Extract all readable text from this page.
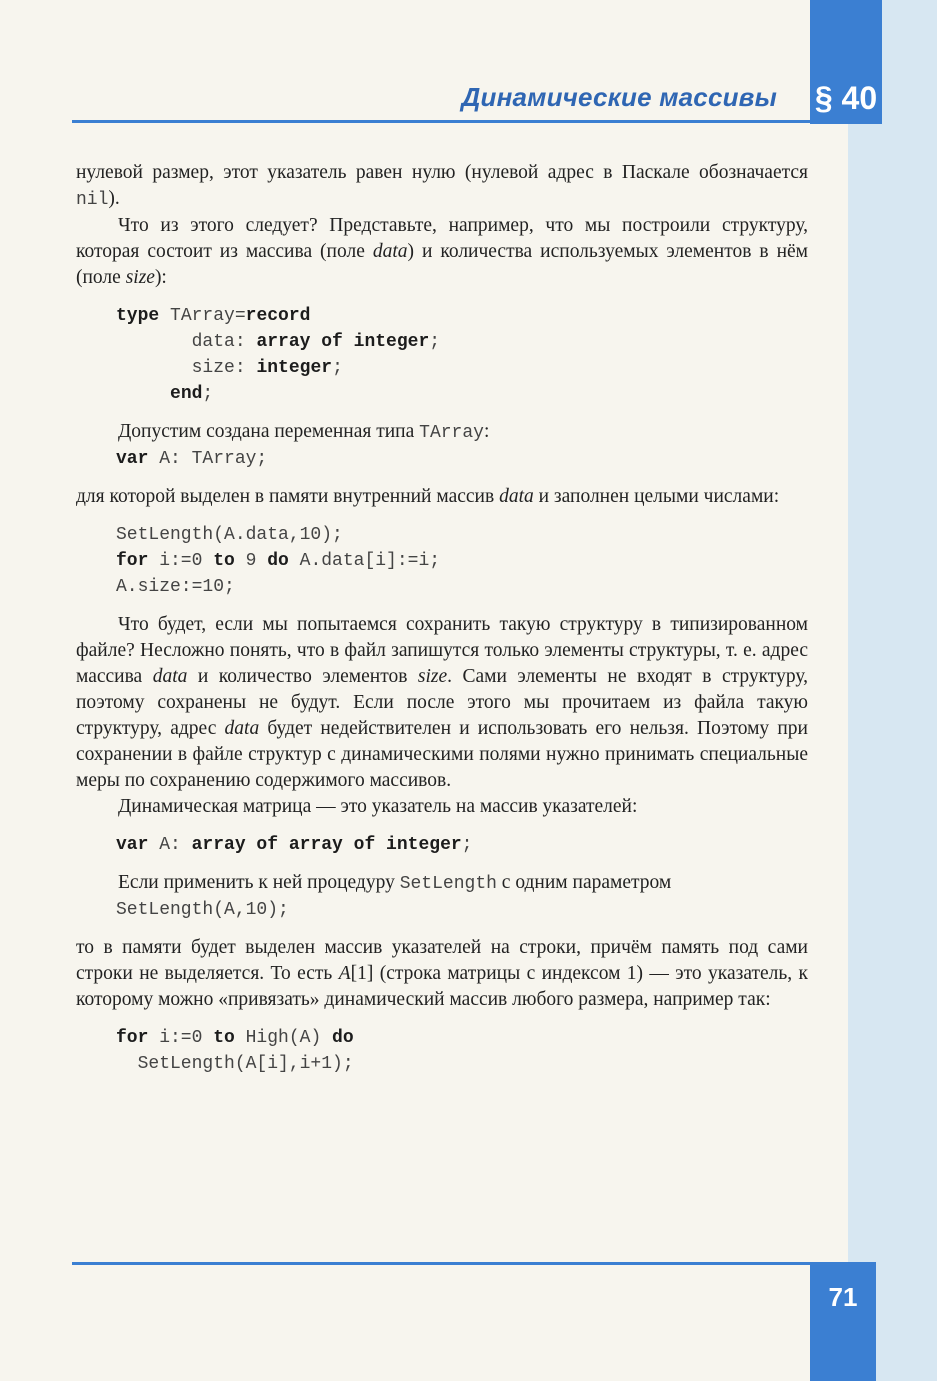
Динамические массивы § 40

нулевой размер, этот указатель равен нулю (нулевой адрес в Паскале обозначается nil).

Что из этого следует? Представьте, например, что мы построили структуру, которая состоит из массива (поле data) и количества используемых элементов в нём (поле size):

type TArray=record
data: array of integer;
size: integer;
end;

Допустим создана переменная типа TArray:

var A: TArray;

для которой выделен в памяти внутренний массив data и заполнен целыми числами:

SetLength(A.data,10);
for i:=0 to 9 do A.data[i]:=i;
A.size:=10;

Что будет, если мы попытаемся сохранить такую структуру в типизированном файле? Несложно понять, что в файл запишутся только элементы структуры, т. е. адрес массива data и количество элементов size. Сами элементы не входят в структуру, поэтому сохранены не будут. Если после этого мы прочитаем из файла такую структуру, адрес data будет недействителен и использовать его нельзя. Поэтому при сохранении в файле структур с динамическими полями нужно принимать специальные меры по сохранению содержимого массивов.

Динамическая матрица — это указатель на массив указателей:

var A: array of array of integer;

Если применить к ней процедуру SetLength с одним параметром

SetLength(A,10);

то в памяти будет выделен массив указателей на строки, причём память под сами строки не выделяется. То есть A[1] (строка матрицы с индексом 1) — это указатель, к которому можно «привязать» динамический массив любого размера, например так:

for i:=0 to High(A) do
SetLength(A[i],i+1);
71
